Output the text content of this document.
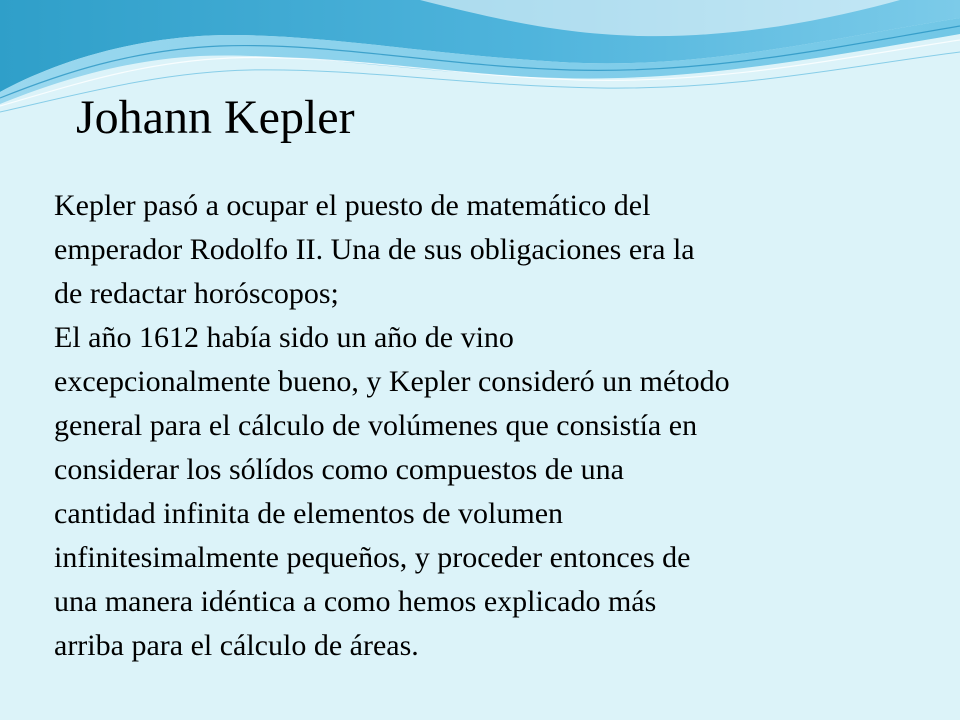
Johann Kepler

Kepler pasó a ocupar el puesto de matemático del
emperador Rodolfo II. Una de sus obligaciones era la
de redactar horóscopos;

El año 1612 había sido un año de vino
excepcionalmente bueno, y Kepler consideró un método
general para el cálculo de volúmenes que consistía en
considerar los sólídos como compuestos de una
cantidad infinita de elementos de volumen
infinitesimalmente pequeños, y proceder entonces de
una manera idéntica a como hemos explicado más
arriba para el cálculo de áreas.
